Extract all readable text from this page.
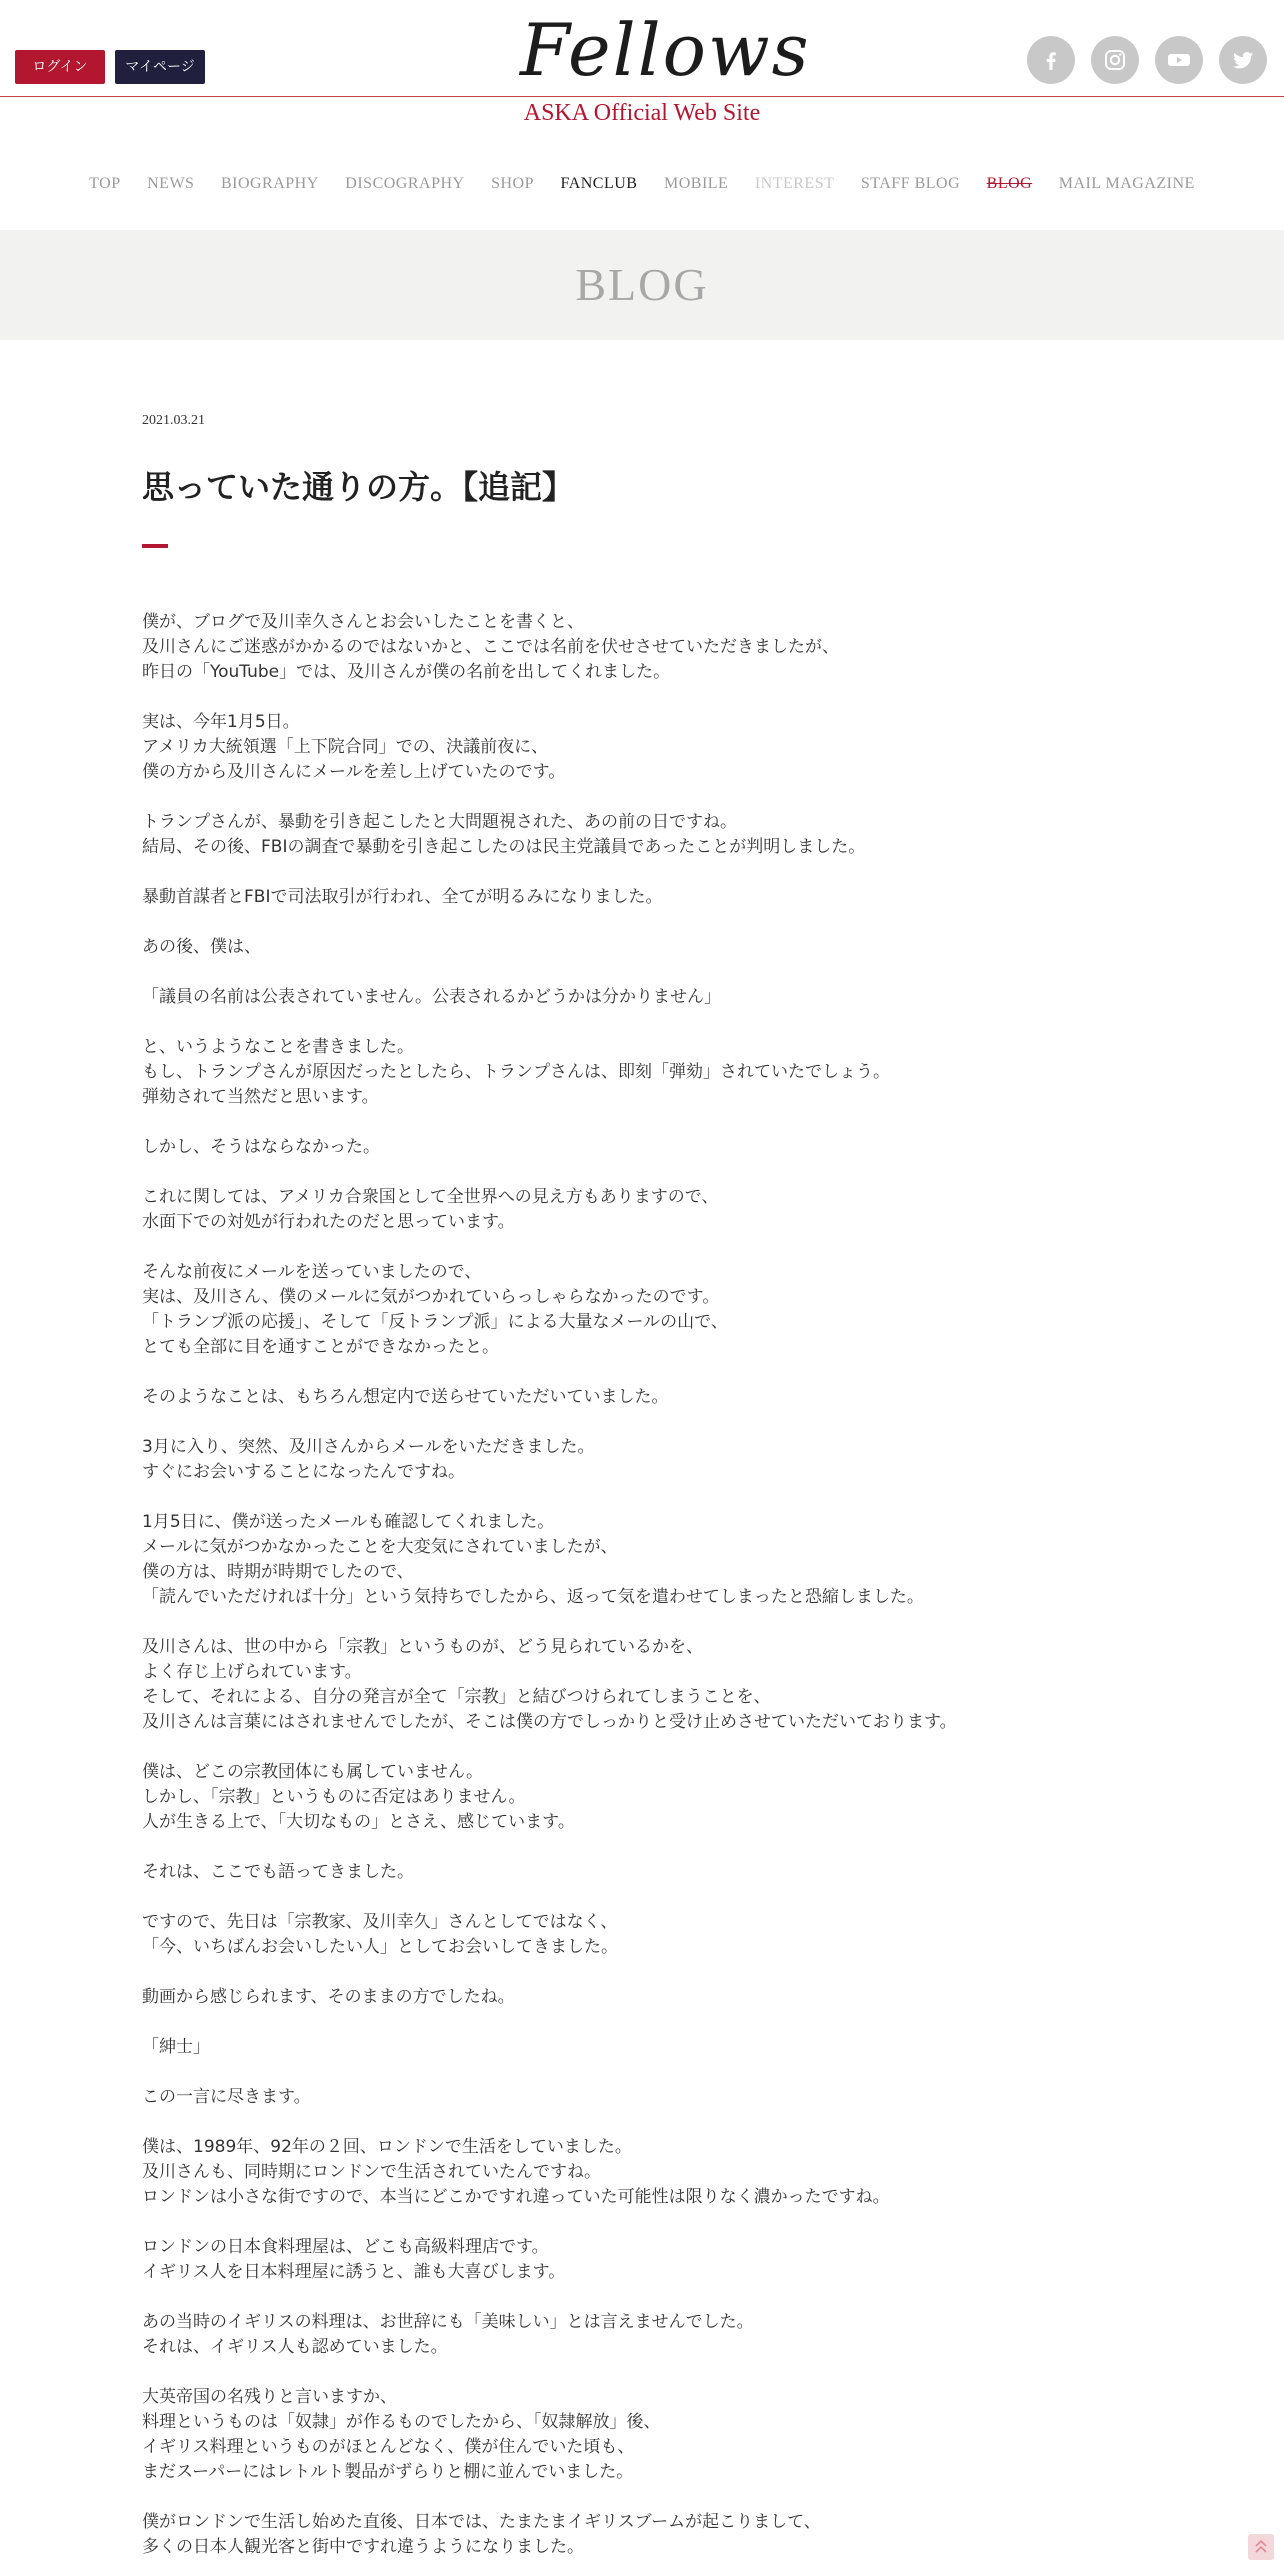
ログイン	マイページ	Fellows
ASKA Official Web Site
TOP NEWS BIOGRAPHY DISCOGRAPHY SHOP FANCLUB MOBILE INTEREST STAFF BLOG BLOG MAIL MAGAZINE
BLOG
2021.03.21
思っていた通りの方。【追記】
僕が、ブログで及川幸久さんとお会いしたことを書くと、
及川さんにご迷惑がかかるのではないかと、ここでは名前を伏せさせていただきましたが、
昨日の「YouTube」では、及川さんが僕の名前を出してくれました。
実は、今年1月5日。
アメリカ大統領選「上下院合同」での、決議前夜に、
僕の方から及川さんにメールを差し上げていたのです。
トランプさんが、暴動を引き起こしたと大問題視された、あの前の日ですね。
結局、その後、FBIの調査で暴動を引き起こしたのは民主党議員であったことが判明しました。
暴動首謀者とFBIで司法取引が行われ、全てが明るみになりました。
あの後、僕は、
「議員の名前は公表されていません。公表されるかどうかは分かりません」
と、いうようなことを書きました。
もし、トランプさんが原因だったとしたら、トランプさんは、即刻「弾劾」されていたでしょう。
弾劾されて当然だと思います。
しかし、そうはならなかった。
これに関しては、アメリカ合衆国として全世界への見え方もありますので、
水面下での対処が行われたのだと思っています。
そんな前夜にメールを送っていましたので、
実は、及川さん、僕のメールに気がつかれていらっしゃらなかったのです。
「トランプ派の応援」、そして「反トランプ派」による大量なメールの山で、
とても全部に目を通すことができなかったと。
そのようなことは、もちろん想定内で送らせていただいていました。
3月に入り、突然、及川さんからメールをいただきました。
すぐにお会いすることになったんですね。
1月5日に、僕が送ったメールも確認してくれました。
メールに気がつかなかったことを大変気にされていましたが、
僕の方は、時期が時期でしたので、
「読んでいただければ十分」という気持ちでしたから、返って気を遣わせてしまったと恐縮しました。
及川さんは、世の中から「宗教」というものが、どう見られているかを、
よく存じ上げられています。
そして、それによる、自分の発言が全て「宗教」と結びつけられてしまうことを、
及川さんは言葉にはされませんでしたが、そこは僕の方でしっかりと受け止めさせていただいております。
僕は、どこの宗教団体にも属していません。
しかし、「宗教」というものに否定はありません。
人が生きる上で、「大切なもの」とさえ、感じています。
それは、ここでも語ってきました。
ですので、先日は「宗教家、及川幸久」さんとしてではなく、
「今、いちばんお会いしたい人」としてお会いしてきました。
動画から感じられます、そのままの方でしたね。
「紳士」
この一言に尽きます。
僕は、1989年、92年の２回、ロンドンで生活をしていました。
及川さんも、同時期にロンドンで生活されていたんですね。
ロンドンは小さな街ですので、本当にどこかですれ違っていた可能性は限りなく濃かったですね。
ロンドンの日本食料理屋は、どこも高級料理店です。
イギリス人を日本料理屋に誘うと、誰も大喜びします。
あの当時のイギリスの料理は、お世辞にも「美味しい」とは言えませんでした。
それは、イギリス人も認めていました。
大英帝国の名残りと言いますか、
料理というものは「奴隷」が作るものでしたから、「奴隷解放」後、
イギリス料理というものがほとんどなく、僕が住んでいた頃も、
まだスーパーにはレトルト製品がずらりと棚に並んでいました。
僕がロンドンで生活し始めた直後、日本では、たまたまイギリスブームが起こりまして、
多くの日本人観光客と街中ですれ違うようになりました。
